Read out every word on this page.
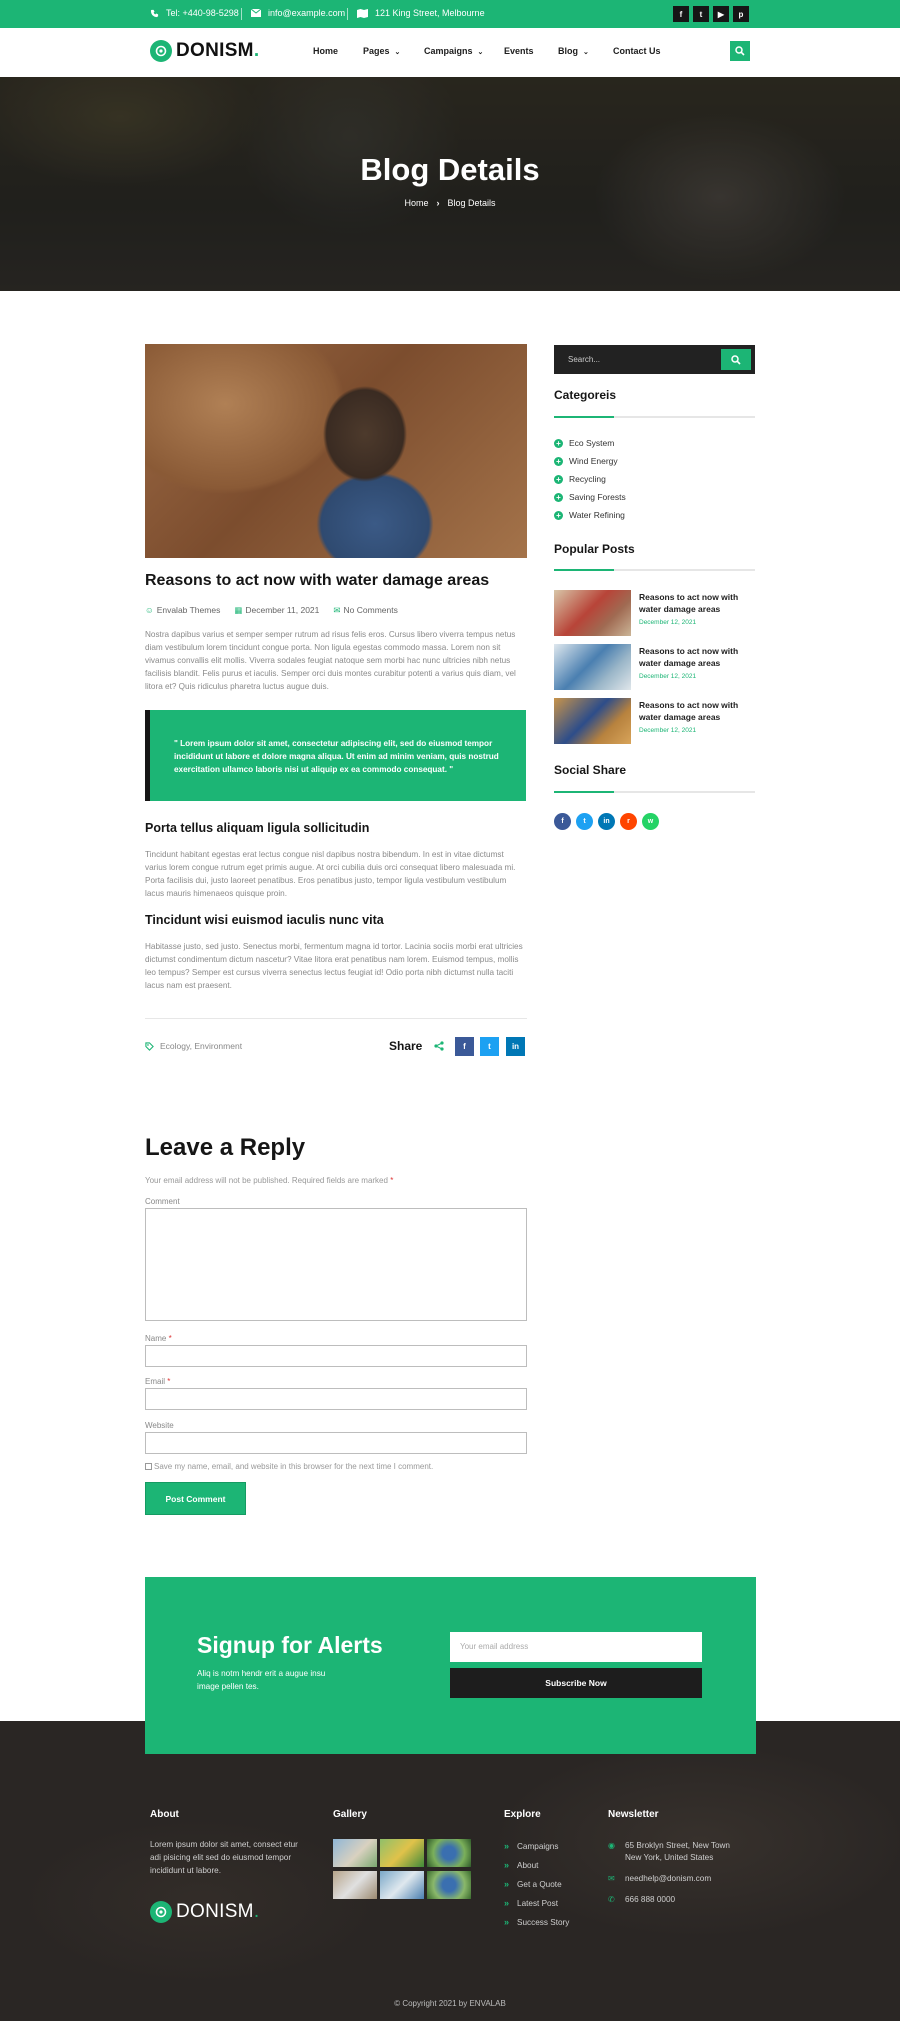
Tel: +440-98-5298	info@example.com	121 King Street, Melbourne	f	t	▶	p
DONISM.	Home	Pages ⌄	Campaigns ⌄ Events	Blog ⌄	Contact Us
Blog Details
Home › Blog Details
Reasons to act now with water damage areas
☺ Envalab Themes ▦ December 11, 2021 ✉ No Comments
Nostra dapibus varius et semper semper rutrum ad risus felis eros. Cursus libero viverra tempus netus diam vestibulum lorem tincidunt congue porta. Non ligula egestas commodo massa. Lorem non sit vivamus convallis elit mollis. Viverra sodales feugiat natoque sem morbi hac nunc ultricies nibh netus facilisis blandit. Felis purus et iaculis. Semper orci duis montes curabitur potenti a varius quis diam, vel litora et? Quis ridiculus pharetra luctus augue duis.
" Lorem ipsum dolor sit amet, consectetur adipiscing elit, sed do eiusmod tempor incididunt ut labore et dolore magna aliqua. Ut enim ad minim veniam, quis nostrud exercitation ullamco laboris nisi ut aliquip ex ea commodo consequat. "
Porta tellus aliquam ligula sollicitudin
Tincidunt habitant egestas erat lectus congue nisl dapibus nostra bibendum. In est in vitae dictumst varius lorem congue rutrum eget primis augue. At orci cubilia duis orci consequat libero malesuada mi. Porta facilisis dui, justo laoreet penatibus. Eros penatibus justo, tempor ligula vestibulum vestibulum lacus mauris himenaeos quisque proin.
Tincidunt wisi euismod iaculis nunc vita
Habitasse justo, sed justo. Senectus morbi, fermentum magna id tortor. Lacinia sociis morbi erat ultricies dictumst condimentum dictum nascetur? Vitae litora erat penatibus nam lorem. Euismod tempus, mollis leo tempus? Semper est cursus viverra senectus lectus feugiat id! Odio porta nibh dictumst nulla taciti lacus nam est praesent.
Ecology, Environment	Share	f	t	in
Leave a Reply
Your email address will not be published. Required fields are marked *
Comment
Name *
Email *
Website
Save my name, email, and website in this browser for the next time I comment.
Post Comment
Search...
Categoreis
+ Eco System
+ Wind Energy
+ Recycling
+ Saving Forests
+ Water Refining
Popular Posts
Reasons to act now with water damage areas
December 12, 2021
Reasons to act now with water damage areas
December 12, 2021
Reasons to act now with water damage areas
December 12, 2021
Social Share
f	t	in	r	w
Signup for Alerts

Aliq is notm hendr erit a augue insu image pellen tes.

Your email address
Subscribe Now
About
Lorem ipsum dolor sit amet, consect etur adi pisicing elit sed do eiusmod tempor incididunt ut labore.
DONISM.
Gallery	Explore
» Campaigns
» About
» Get a Quote
» Latest Post
» Success Story
Newsletter
◉ 65 Broklyn Street, New Town New York, United States
✉ needhelp@donism.com
✆ 666 888 0000
© Copyright 2021 by ENVALAB
